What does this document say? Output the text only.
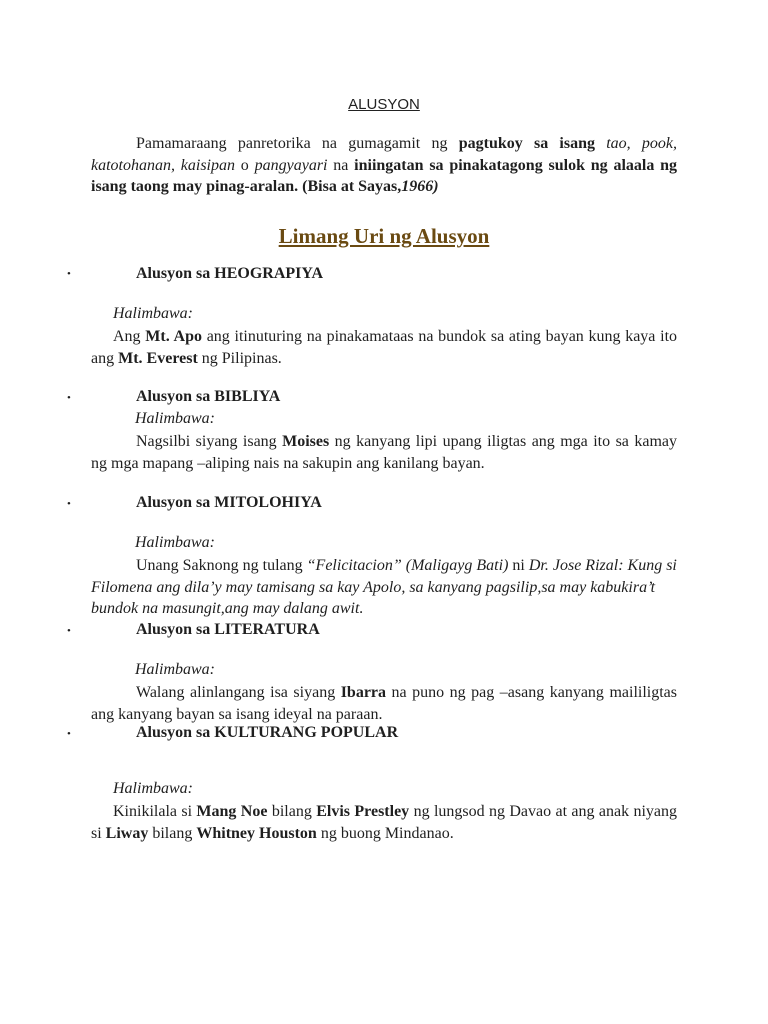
ALUSYON

Pamamaraang panretorika na gumagamit ng pagtukoy sa isang tao, pook, katotohanan, kaisipan o pangyayari na iniingatan sa pinakatagong sulok ng alaala ng isang taong may pinag-aralan. (Bisa at Sayas,1966)

Limang Uri ng Alusyon
•	Alusyon sa HEOGRAPIYA
Halimbawa:

Ang Mt. Apo ang itinuturing na pinakamataas na bundok sa ating bayan kung kaya ito ang Mt. Everest ng Pilipinas.

•	Alusyon sa BIBLIYA
Halimbawa:

Nagsilbi siyang isang Moises ng kanyang lipi upang iligtas ang mga ito sa kamay ng mga mapang –aliping nais na sakupin ang kanilang bayan.

•	Alusyon sa MITOLOHIYA
Halimbawa:

Unang Saknong ng tulang “Felicitacion” (Maligayg Bati) ni Dr. Jose Rizal: Kung si Filomena ang dila’y may tamisang sa kay Apolo, sa kanyang pagsilip,sa may kabukira’t bundok na masungit,ang may dalang awit.

•	Alusyon sa LITERATURA
Halimbawa:

Walang alinlangang isa siyang Ibarra na puno ng pag –asang kanyang maililigtas ang kanyang bayan sa isang ideyal na paraan.

•	Alusyon sa KULTURANG POPULAR
Halimbawa:

Kinikilala si Mang Noe bilang Elvis Prestley ng lungsod ng Davao at ang anak niyang si Liway bilang Whitney Houston ng buong Mindanao.
